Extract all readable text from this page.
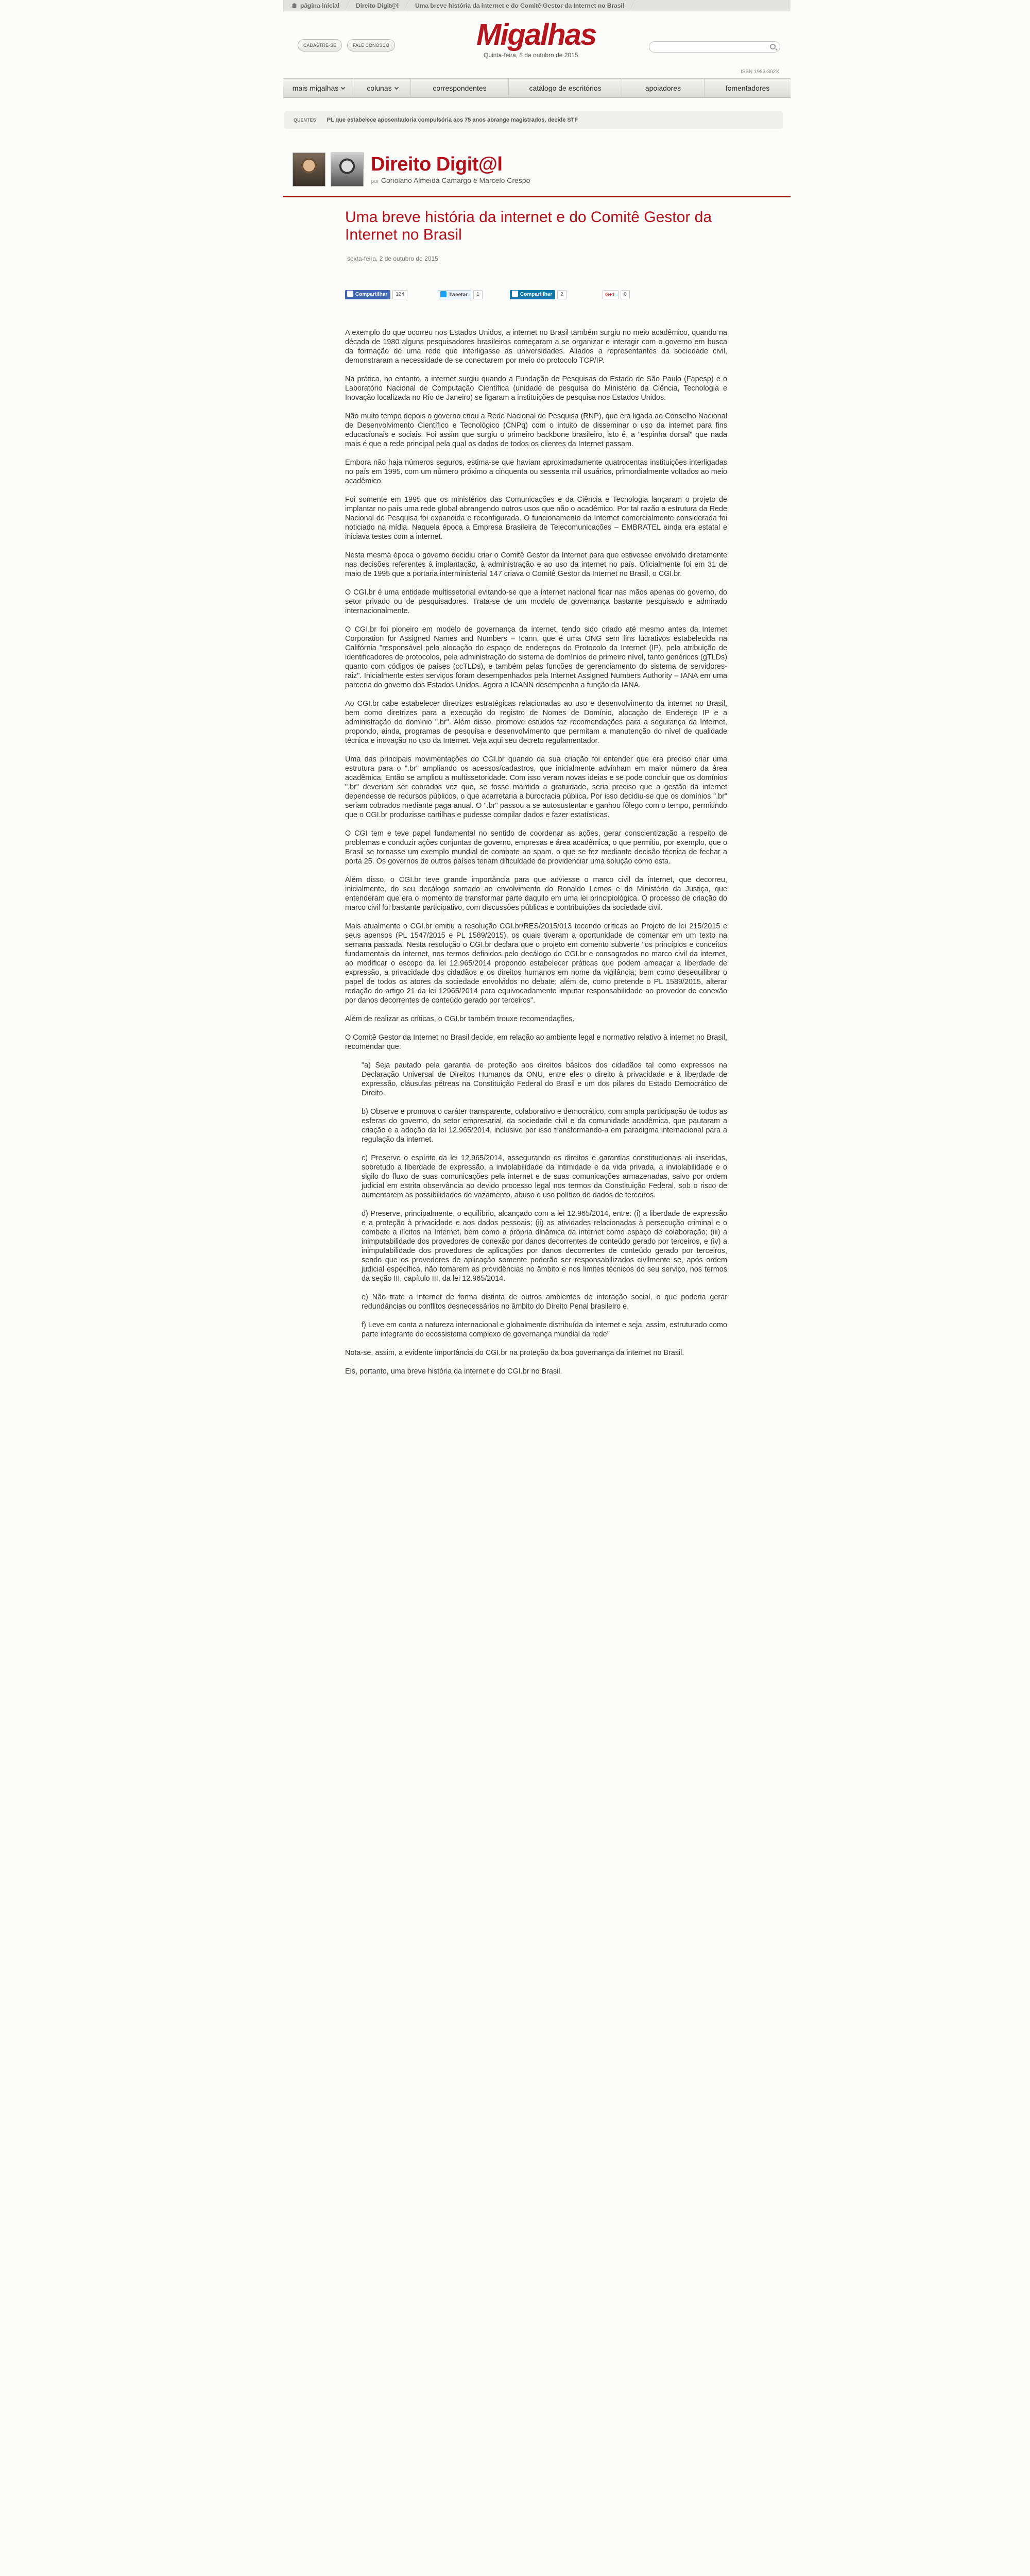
página inicial	Direito Digit@l	Uma breve história da internet e do Comitê Gestor da Internet no Brasil
CADASTRE-SE	FALE CONOSCO	Migalhas
Quinta-feira, 8 de outubro de 2015
ISSN 1983-392X
mais migalhas	colunas	correspondentes	catálogo de escritórios	apoiadores	fomentadores
QUENTES PL que estabelece aposentadoria compulsória aos 75 anos abrange magistrados, decide STF
Direito Digit@l
por Coriolano Almeida Camargo e Marcelo Crespo
Uma breve história da internet e do Comitê Gestor da Internet no Brasil
sexta-feira, 2 de outubro de 2015
Compartilhar	124	Tweetar	1	Compartilhar	2	G+1	0

A exemplo do que ocorreu nos Estados Unidos, a internet no Brasil também surgiu no meio acadêmico, quando na década de 1980 alguns pesquisadores brasileiros começaram a se organizar e interagir com o governo em busca da formação de uma rede que interligasse as universidades. Aliados a representantes da sociedade civil, demonstraram a necessidade de se conectarem por meio do protocolo TCP/IP.

Na prática, no entanto, a internet surgiu quando a Fundação de Pesquisas do Estado de São Paulo (Fapesp) e o Laboratório Nacional de Computação Científica (unidade de pesquisa do Ministério da Ciência, Tecnologia e Inovação localizada no Rio de Janeiro) se ligaram a instituições de pesquisa nos Estados Unidos.

Não muito tempo depois o governo criou a Rede Nacional de Pesquisa (RNP), que era ligada ao Conselho Nacional de Desenvolvimento Científico e Tecnológico (CNPq) com o intuito de disseminar o uso da internet para fins educacionais e sociais. Foi assim que surgiu o primeiro backbone brasileiro, isto é, a "espinha dorsal" que nada mais é que a rede principal pela qual os dados de todos os clientes da Internet passam.

Embora não haja números seguros, estima-se que haviam aproximadamente quatrocentas instituições interligadas no país em 1995, com um número próximo a cinquenta ou sessenta mil usuários, primordialmente voltados ao meio acadêmico.

Foi somente em 1995 que os ministérios das Comunicações e da Ciência e Tecnologia lançaram o projeto de implantar no país uma rede global abrangendo outros usos que não o acadêmico. Por tal razão a estrutura da Rede Nacional de Pesquisa foi expandida e reconfigurada. O funcionamento da Internet comercialmente considerada foi noticiado na mídia. Naquela época a Empresa Brasileira de Telecomunicações – EMBRATEL ainda era estatal e iniciava testes com a internet.

Nesta mesma época o governo decidiu criar o Comitê Gestor da Internet para que estivesse envolvido diretamente nas decisões referentes à implantação, à administração e ao uso da internet no país. Oficialmente foi em 31 de maio de 1995 que a portaria interministerial 147 criava o Comitê Gestor da Internet no Brasil, o CGI.br.

O CGI.br é uma entidade multissetorial evitando-se que a internet nacional ficar nas mãos apenas do governo, do setor privado ou de pesquisadores. Trata-se de um modelo de governança bastante pesquisado e admirado internacionalmente.

O CGI.br foi pioneiro em modelo de governança da internet, tendo sido criado até mesmo antes da Internet Corporation for Assigned Names and Numbers – Icann, que é uma ONG sem fins lucrativos estabelecida na Califórnia "responsável pela alocação do espaço de endereços do Protocolo da Internet (IP), pela atribuição de identificadores de protocolos, pela administração do sistema de domínios de primeiro nível, tanto genéricos (gTLDs) quanto com códigos de países (ccTLDs), e também pelas funções de gerenciamento do sistema de servidores-raiz". Inicialmente estes serviços foram desempenhados pela Internet Assigned Numbers Authority – IANA em uma parceria do governo dos Estados Unidos. Agora a ICANN desempenha a função da IANA.

Ao CGI.br cabe estabelecer diretrizes estratégicas relacionadas ao uso e desenvolvimento da internet no Brasil, bem como diretrizes para a execução do registro de Nomes de Domínio, alocação de Endereço IP e a administração do domínio ".br". Além disso, promove estudos faz recomendações para a segurança da Internet, propondo, ainda, programas de pesquisa e desenvolvimento que permitam a manutenção do nível de qualidade técnica e inovação no uso da Internet. Veja aqui seu decreto regulamentador.

Uma das principais movimentações do CGI.br quando da sua criação foi entender que era preciso criar uma estrutura para o ".br" ampliando os acessos/cadastros, que inicialmente advinham em maior número da área acadêmica. Então se ampliou a multissetoridade. Com isso veram novas ideias e se pode concluir que os domínios ".br" deveriam ser cobrados vez que, se fosse mantida a gratuidade, seria preciso que a gestão da internet dependesse de recursos públicos, o que acarretaria a burocracia pública. Por isso decidiu-se que os domínios ".br" seriam cobrados mediante paga anual. O ".br" passou a se autosustentar e ganhou fôlego com o tempo, permitindo que o CGI.br produzisse cartilhas e pudesse compilar dados e fazer estatísticas.

O CGI tem e teve papel fundamental no sentido de coordenar as ações, gerar conscientização a respeito de problemas e conduzir ações conjuntas de governo, empresas e área acadêmica, o que permitiu, por exemplo, que o Brasil se tornasse um exemplo mundial de combate ao spam, o que se fez mediante decisão técnica de fechar a porta 25. Os governos de outros países teriam dificuldade de providenciar uma solução como esta.

Além disso, o CGI.br teve grande importância para que adviesse o marco civil da internet, que decorreu, inicialmente, do seu decálogo somado ao envolvimento do Ronaldo Lemos e do Ministério da Justiça, que entenderam que era o momento de transformar parte daquilo em uma lei principiológica. O processo de criação do marco civil foi bastante participativo, com discussões públicas e contribuições da sociedade civil.

Mais atualmente o CGI.br emitiu a resolução CGI.br/RES/2015/013 tecendo críticas ao Projeto de lei 215/2015 e seus apensos (PL 1547/2015 e PL 1589/2015), os quais tiveram a oportunidade de comentar em um texto na semana passada. Nesta resolução o CGI.br declara que o projeto em comento subverte "os princípios e conceitos fundamentais da internet, nos termos definidos pelo decálogo do CGI.br e consagrados no marco civil da internet, ao modificar o escopo da lei 12.965/2014 propondo estabelecer práticas que podem ameaçar a liberdade de expressão, a privacidade dos cidadãos e os direitos humanos em nome da vigilância; bem como desequilibrar o papel de todos os atores da sociedade envolvidos no debate; além de, como pretende o PL 1589/2015, alterar redação do artigo 21 da lei 12965/2014 para equivocadamente imputar responsabilidade ao provedor de conexão por danos decorrentes de conteúdo gerado por terceiros".

Além de realizar as críticas, o CGI.br também trouxe recomendações.

O Comitê Gestor da Internet no Brasil decide, em relação ao ambiente legal e normativo relativo à internet no Brasil, recomendar que:

"a) Seja pautado pela garantia de proteção aos direitos básicos dos cidadãos tal como expressos na Declaração Universal de Direitos Humanos da ONU, entre eles o direito à privacidade e à liberdade de expressão, cláusulas pétreas na Constituição Federal do Brasil e um dos pilares do Estado Democrático de Direito.

b) Observe e promova o caráter transparente, colaborativo e democrático, com ampla participação de todos as esferas do governo, do setor empresarial, da sociedade civil e da comunidade acadêmica, que pautaram a criação e a adoção da lei 12.965/2014, inclusive por isso transformando-a em paradigma internacional para a regulação da internet.

c) Preserve o espírito da lei 12.965/2014, assegurando os direitos e garantias constitucionais ali inseridas, sobretudo a liberdade de expressão, a inviolabilidade da intimidade e da vida privada, a inviolabilidade e o sigilo do fluxo de suas comunicações pela internet e de suas comunicações armazenadas, salvo por ordem judicial em estrita observância ao devido processo legal nos termos da Constituição Federal, sob o risco de aumentarem as possibilidades de vazamento, abuso e uso político de dados de terceiros.

d) Preserve, principalmente, o equilíbrio, alcançado com a lei 12.965/2014, entre: (i) a liberdade de expressão e a proteção à privacidade e aos dados pessoais; (ii) as atividades relacionadas à persecução criminal e o combate a ilícitos na Internet, bem como a própria dinâmica da internet como espaço de colaboração; (iii) a inimputabilidade dos provedores de conexão por danos decorrentes de conteúdo gerado por terceiros, e (iv) a inimputabilidade dos provedores de aplicações por danos decorrentes de conteúdo gerado por terceiros, sendo que os provedores de aplicação somente poderão ser responsabilizados civilmente se, após ordem judicial específica, não tomarem as providências no âmbito e nos limites técnicos do seu serviço, nos termos da seção III, capítulo III, da lei 12.965/2014.

e) Não trate a internet de forma distinta de outros ambientes de interação social, o que poderia gerar redundâncias ou conflitos desnecessários no âmbito do Direito Penal brasileiro e,

f) Leve em conta a natureza internacional e globalmente distribuída da internet e seja, assim, estruturado como parte integrante do ecossistema complexo de governança mundial da rede"

Nota-se, assim, a evidente importância do CGI.br na proteção da boa governança da internet no Brasil.

Eis, portanto, uma breve história da internet e do CGI.br no Brasil.
